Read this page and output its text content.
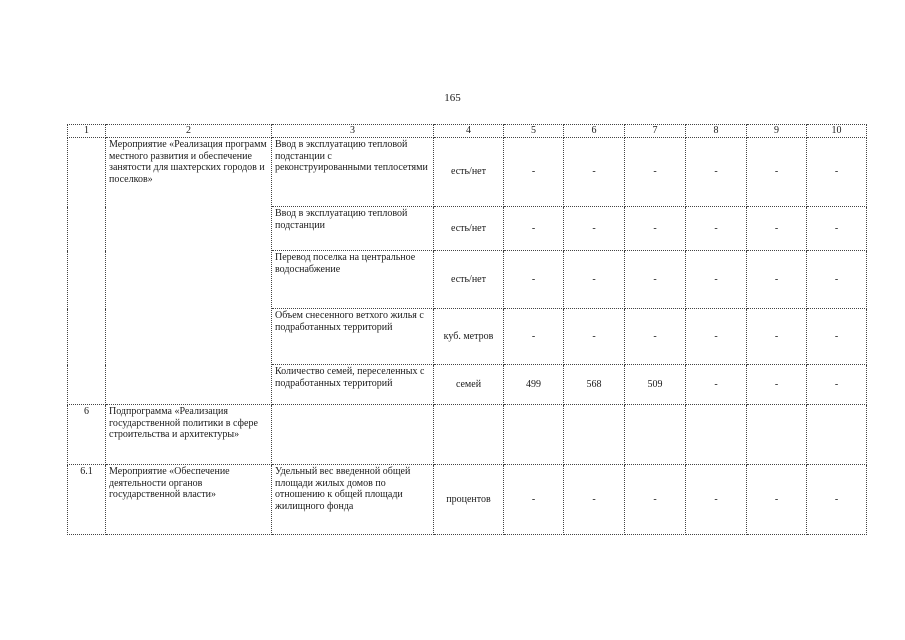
165
1	2	3	4	5	6	7	8	9	10
	Мероприятие «Реализация программ местного развития и обеспечение занятости для шахтерских городов и поселков»	Ввод в эксплуатацию тепловой подстанции с реконструированными теплосетями	есть/нет	-	-	-	-	-	-
		Ввод в эксплуатацию тепловой подстанции	есть/нет	-	-	-	-	-	-
		Перевод поселка на центральное водоснабжение	есть/нет	-	-	-	-	-	-
		Объем снесенного ветхого жилья с подработанных территорий	куб. метров	-	-	-	-	-	-
		Количество семей, переселенных с подработанных территорий	семей	499	568	509	-	-	-
6	Подпрограмма «Реализация государственной политики в сфере строительства и архитектуры»								
6.1	Мероприятие «Обеспечение деятельности органов государственной власти»	Удельный вес введенной общей площади жилых домов по отношению к общей площади жилищного фонда	процентов	-	-	-	-	-	-
